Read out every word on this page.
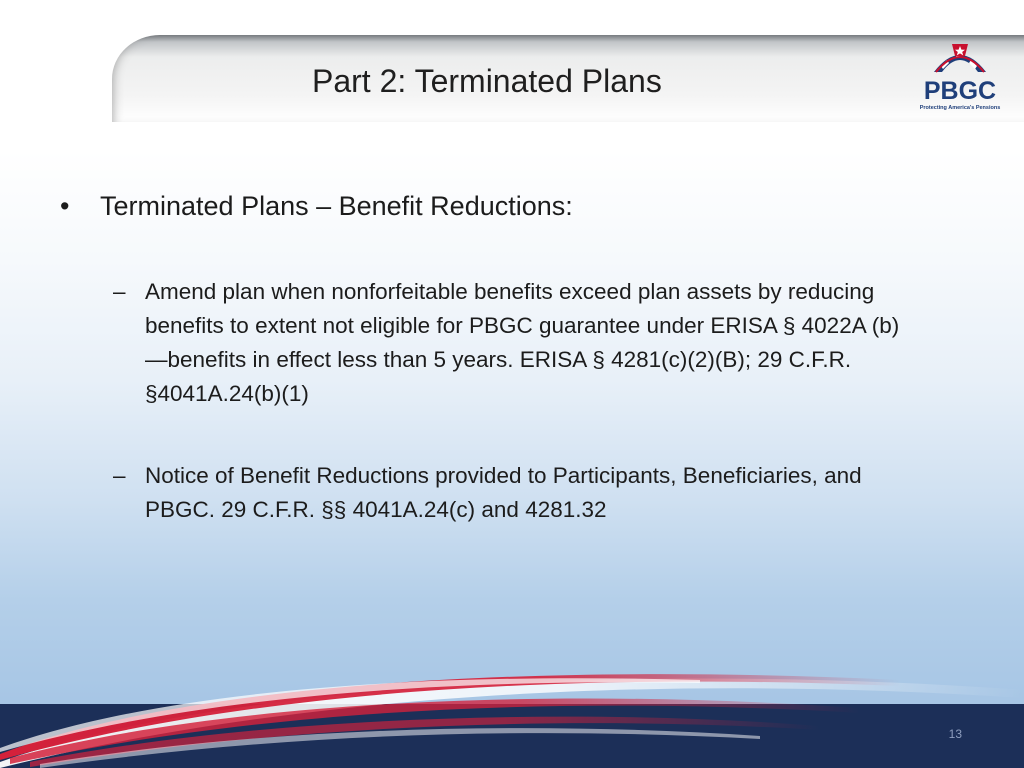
Part 2: Terminated Plans	PBGC
Protecting America's Pensions
•	Terminated Plans – Benefit Reductions:
– Amend plan when nonforfeitable benefits exceed plan assets by reducing benefits to extent not eligible for PBGC guarantee under ERISA § 4022A (b)—benefits in effect less than 5 years. ERISA § 4281(c)(2)(B); 29 C.F.R. §4041A.24(b)(1)
– Notice of Benefit Reductions provided to Participants, Beneficiaries, and PBGC. 29 C.F.R. §§ 4041A.24(c) and 4281.32
13
